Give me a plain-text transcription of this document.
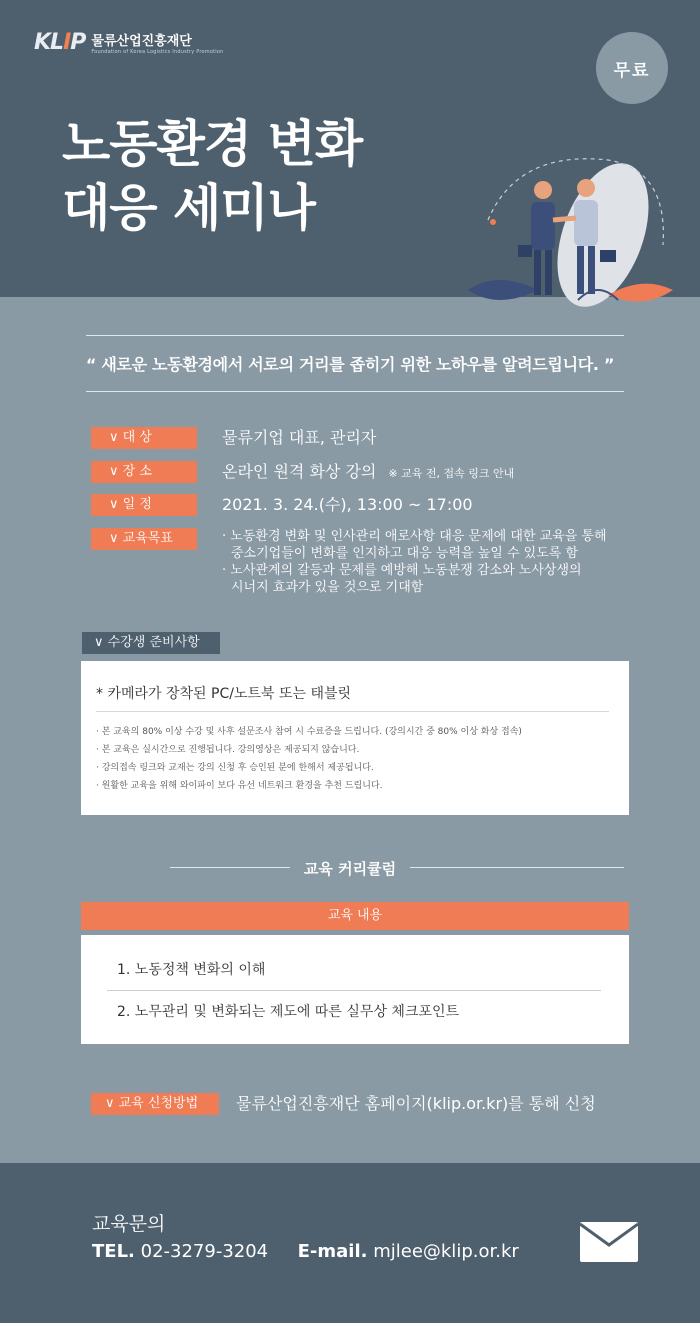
KLIP 물류산업진흥재단
Foundation of Korea Logistics Industry Promotion
무료
노동환경 변화
대응 세미나
“ 새로운 노동환경에서 서로의 거리를 좁히기 위한 노하우를 알려드립니다. ”
∨ 대 상	물류기업 대표, 관리자
∨ 장 소	온라인 원격 화상 강의 ※ 교육 전, 접속 링크 안내
∨ 일 정	2021. 3. 24.(수), 13:00 ~ 17:00
∨ 교육목표	· 노동환경 변화 및 인사관리 애로사항 대응 문제에 대한 교육을 통해
중소기업들이 변화를 인지하고 대응 능력을 높일 수 있도록 함
· 노사관계의 갈등과 문제를 예방해 노동분쟁 감소와 노사상생의
시너지 효과가 있을 것으로 기대함
∨ 수강생 준비사항
* 카메라가 장착된 PC/노트북 또는 태블릿
· 본 교육의 80% 이상 수강 및 사후 설문조사 참여 시 수료증을 드립니다. (강의시간 중 80% 이상 화상 접속)
· 본 교육은 실시간으로 진행됩니다. 강의영상은 제공되지 않습니다.
· 강의접속 링크와 교재는 강의 신청 후 승인된 분에 한해서 제공됩니다.
· 원활한 교육을 위해 와이파이 보다 유선 네트워크 환경을 추천 드립니다.
교육 커리큘럼
교육 내용
1. 노동정책 변화의 이해
2. 노무관리 및 변화되는 제도에 따른 실무상 체크포인트
∨ 교육 신청방법	물류산업진흥재단 홈페이지(klip.or.kr)를 통해 신청
교육문의
TEL. 02-3279-3204 E-mail. mjlee@klip.or.kr
